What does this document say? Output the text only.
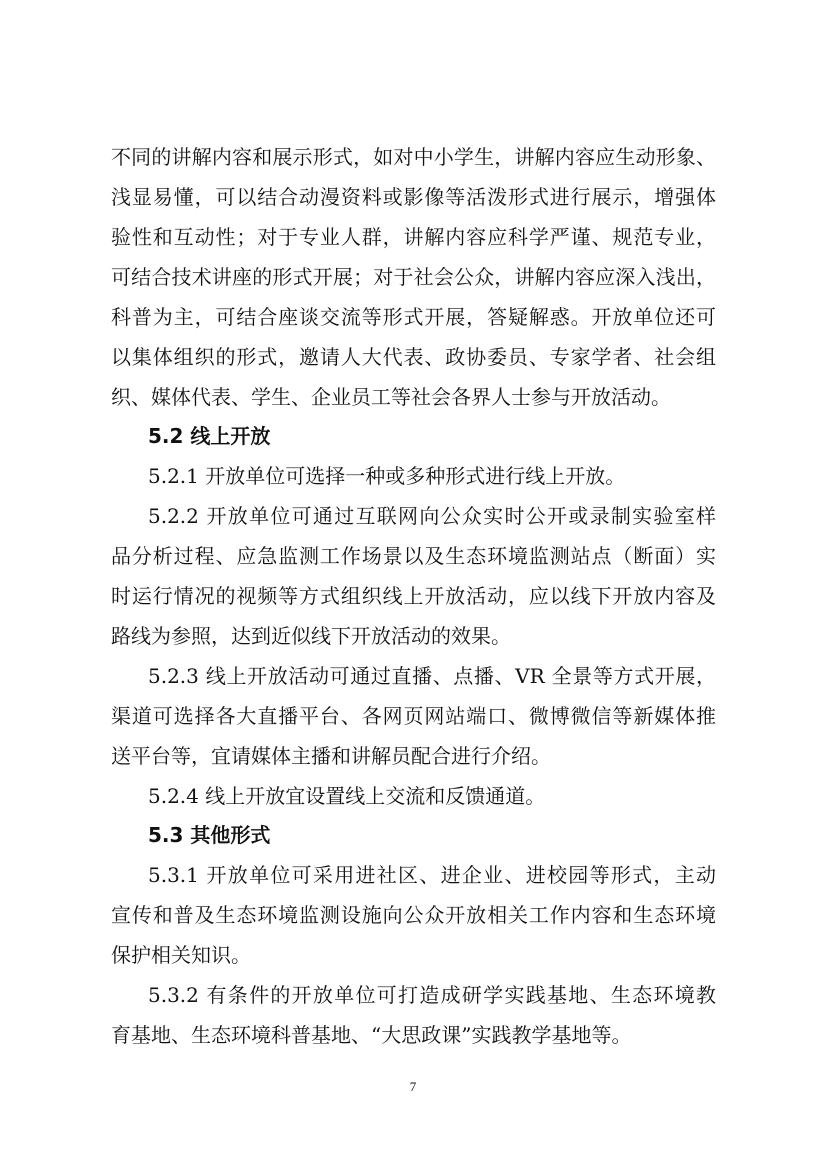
不同的讲解内容和展示形式，如对中小学生，讲解内容应生动形象、
浅显易懂，可以结合动漫资料或影像等活泼形式进行展示，增强体
验性和互动性；对于专业人群，讲解内容应科学严谨、规范专业，
可结合技术讲座的形式开展；对于社会公众，讲解内容应深入浅出，
科普为主，可结合座谈交流等形式开展，答疑解惑。开放单位还可
以集体组织的形式，邀请人大代表、政协委员、专家学者、社会组
织、媒体代表、学生、企业员工等社会各界人士参与开放活动。
5.2 线上开放
5.2.1 开放单位可选择一种或多种形式进行线上开放。
5.2.2 开放单位可通过互联网向公众实时公开或录制实验室样
品分析过程、应急监测工作场景以及生态环境监测站点（断面）实
时运行情况的视频等方式组织线上开放活动，应以线下开放内容及
路线为参照，达到近似线下开放活动的效果。
5.2.3 线上开放活动可通过直播、点播、VR 全景等方式开展，
渠道可选择各大直播平台、各网页网站端口、微博微信等新媒体推
送平台等，宜请媒体主播和讲解员配合进行介绍。
5.2.4 线上开放宜设置线上交流和反馈通道。
5.3 其他形式
5.3.1 开放单位可采用进社区、进企业、进校园等形式，主动
宣传和普及生态环境监测设施向公众开放相关工作内容和生态环境
保护相关知识。
5.3.2 有条件的开放单位可打造成研学实践基地、生态环境教
育基地、生态环境科普基地、“大思政课”实践教学基地等。
7
